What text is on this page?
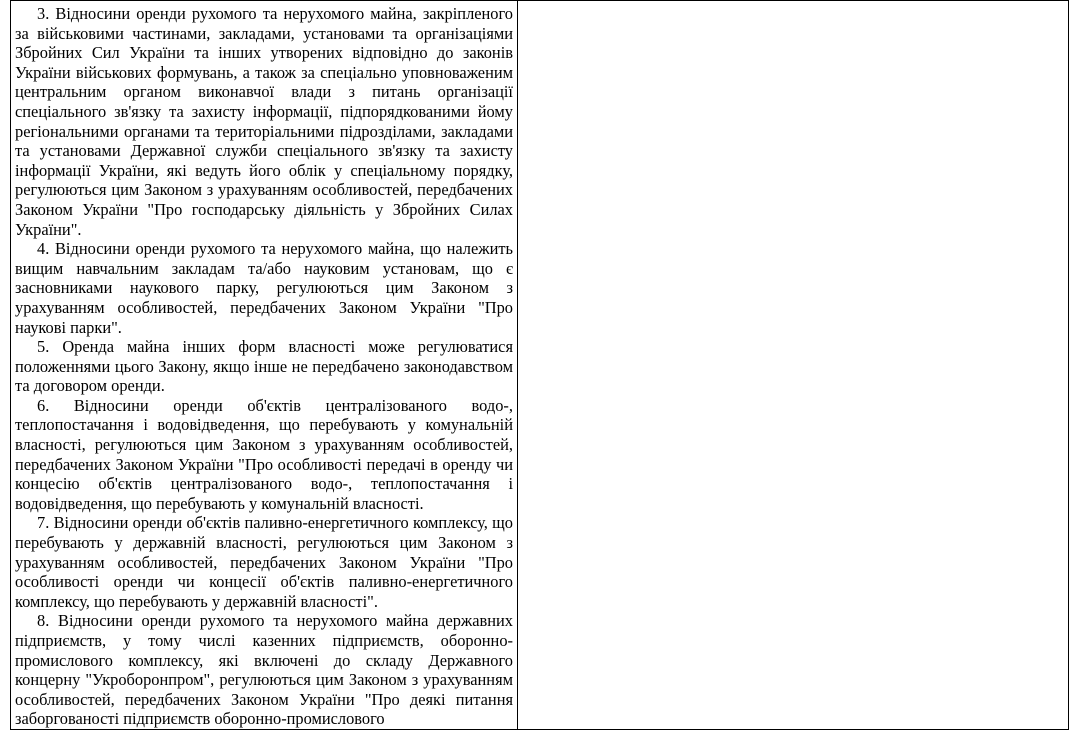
3. Відносини оренди рухомого та нерухомого майна, закріпленого за військовими частинами, закладами, установами та організаціями Збройних Сил України та інших утворених відповідно до законів України військових формувань, а також за спеціально уповноваженим центральним органом виконавчої влади з питань організації спеціального зв'язку та захисту інформації, підпорядкованими йому регіональними органами та територіальними підрозділами, закладами та установами Державної служби спеціального зв'язку та захисту інформації України, які ведуть його облік у спеціальному порядку, регулюються цим Законом з урахуванням особливостей, передбачених Законом України "Про господарську діяльність у Збройних Силах України".

4. Відносини оренди рухомого та нерухомого майна, що належить вищим навчальним закладам та/або науковим установам, що є засновниками наукового парку, регулюються цим Законом з урахуванням особливостей, передбачених Законом України "Про наукові парки".

5. Оренда майна інших форм власності може регулюватися положеннями цього Закону, якщо інше не передбачено законодавством та договором оренди.

6. Відносини оренди об'єктів централізованого водо-, теплопостачання і водовідведення, що перебувають у комунальній власності, регулюються цим Законом з урахуванням особливостей, передбачених Законом України "Про особливості передачі в оренду чи концесію об'єктів централізованого водо-, теплопостачання і водовідведення, що перебувають у комунальній власності.

7. Відносини оренди об'єктів паливно-енергетичного комплексу, що перебувають у державній власності, регулюються цим Законом з урахуванням особливостей, передбачених Законом України "Про особливості оренди чи концесії об'єктів паливно-енергетичного комплексу, що перебувають у державній власності".

8. Відносини оренди рухомого та нерухомого майна державних підприємств, у тому числі казенних підприємств, оборонно-промислового комплексу, які включені до складу Державного концерну "Укроборонпром", регулюються цим Законом з урахуванням особливостей, передбачених Законом України "Про деякі питання заборгованості підприємств оборонно-промислового
